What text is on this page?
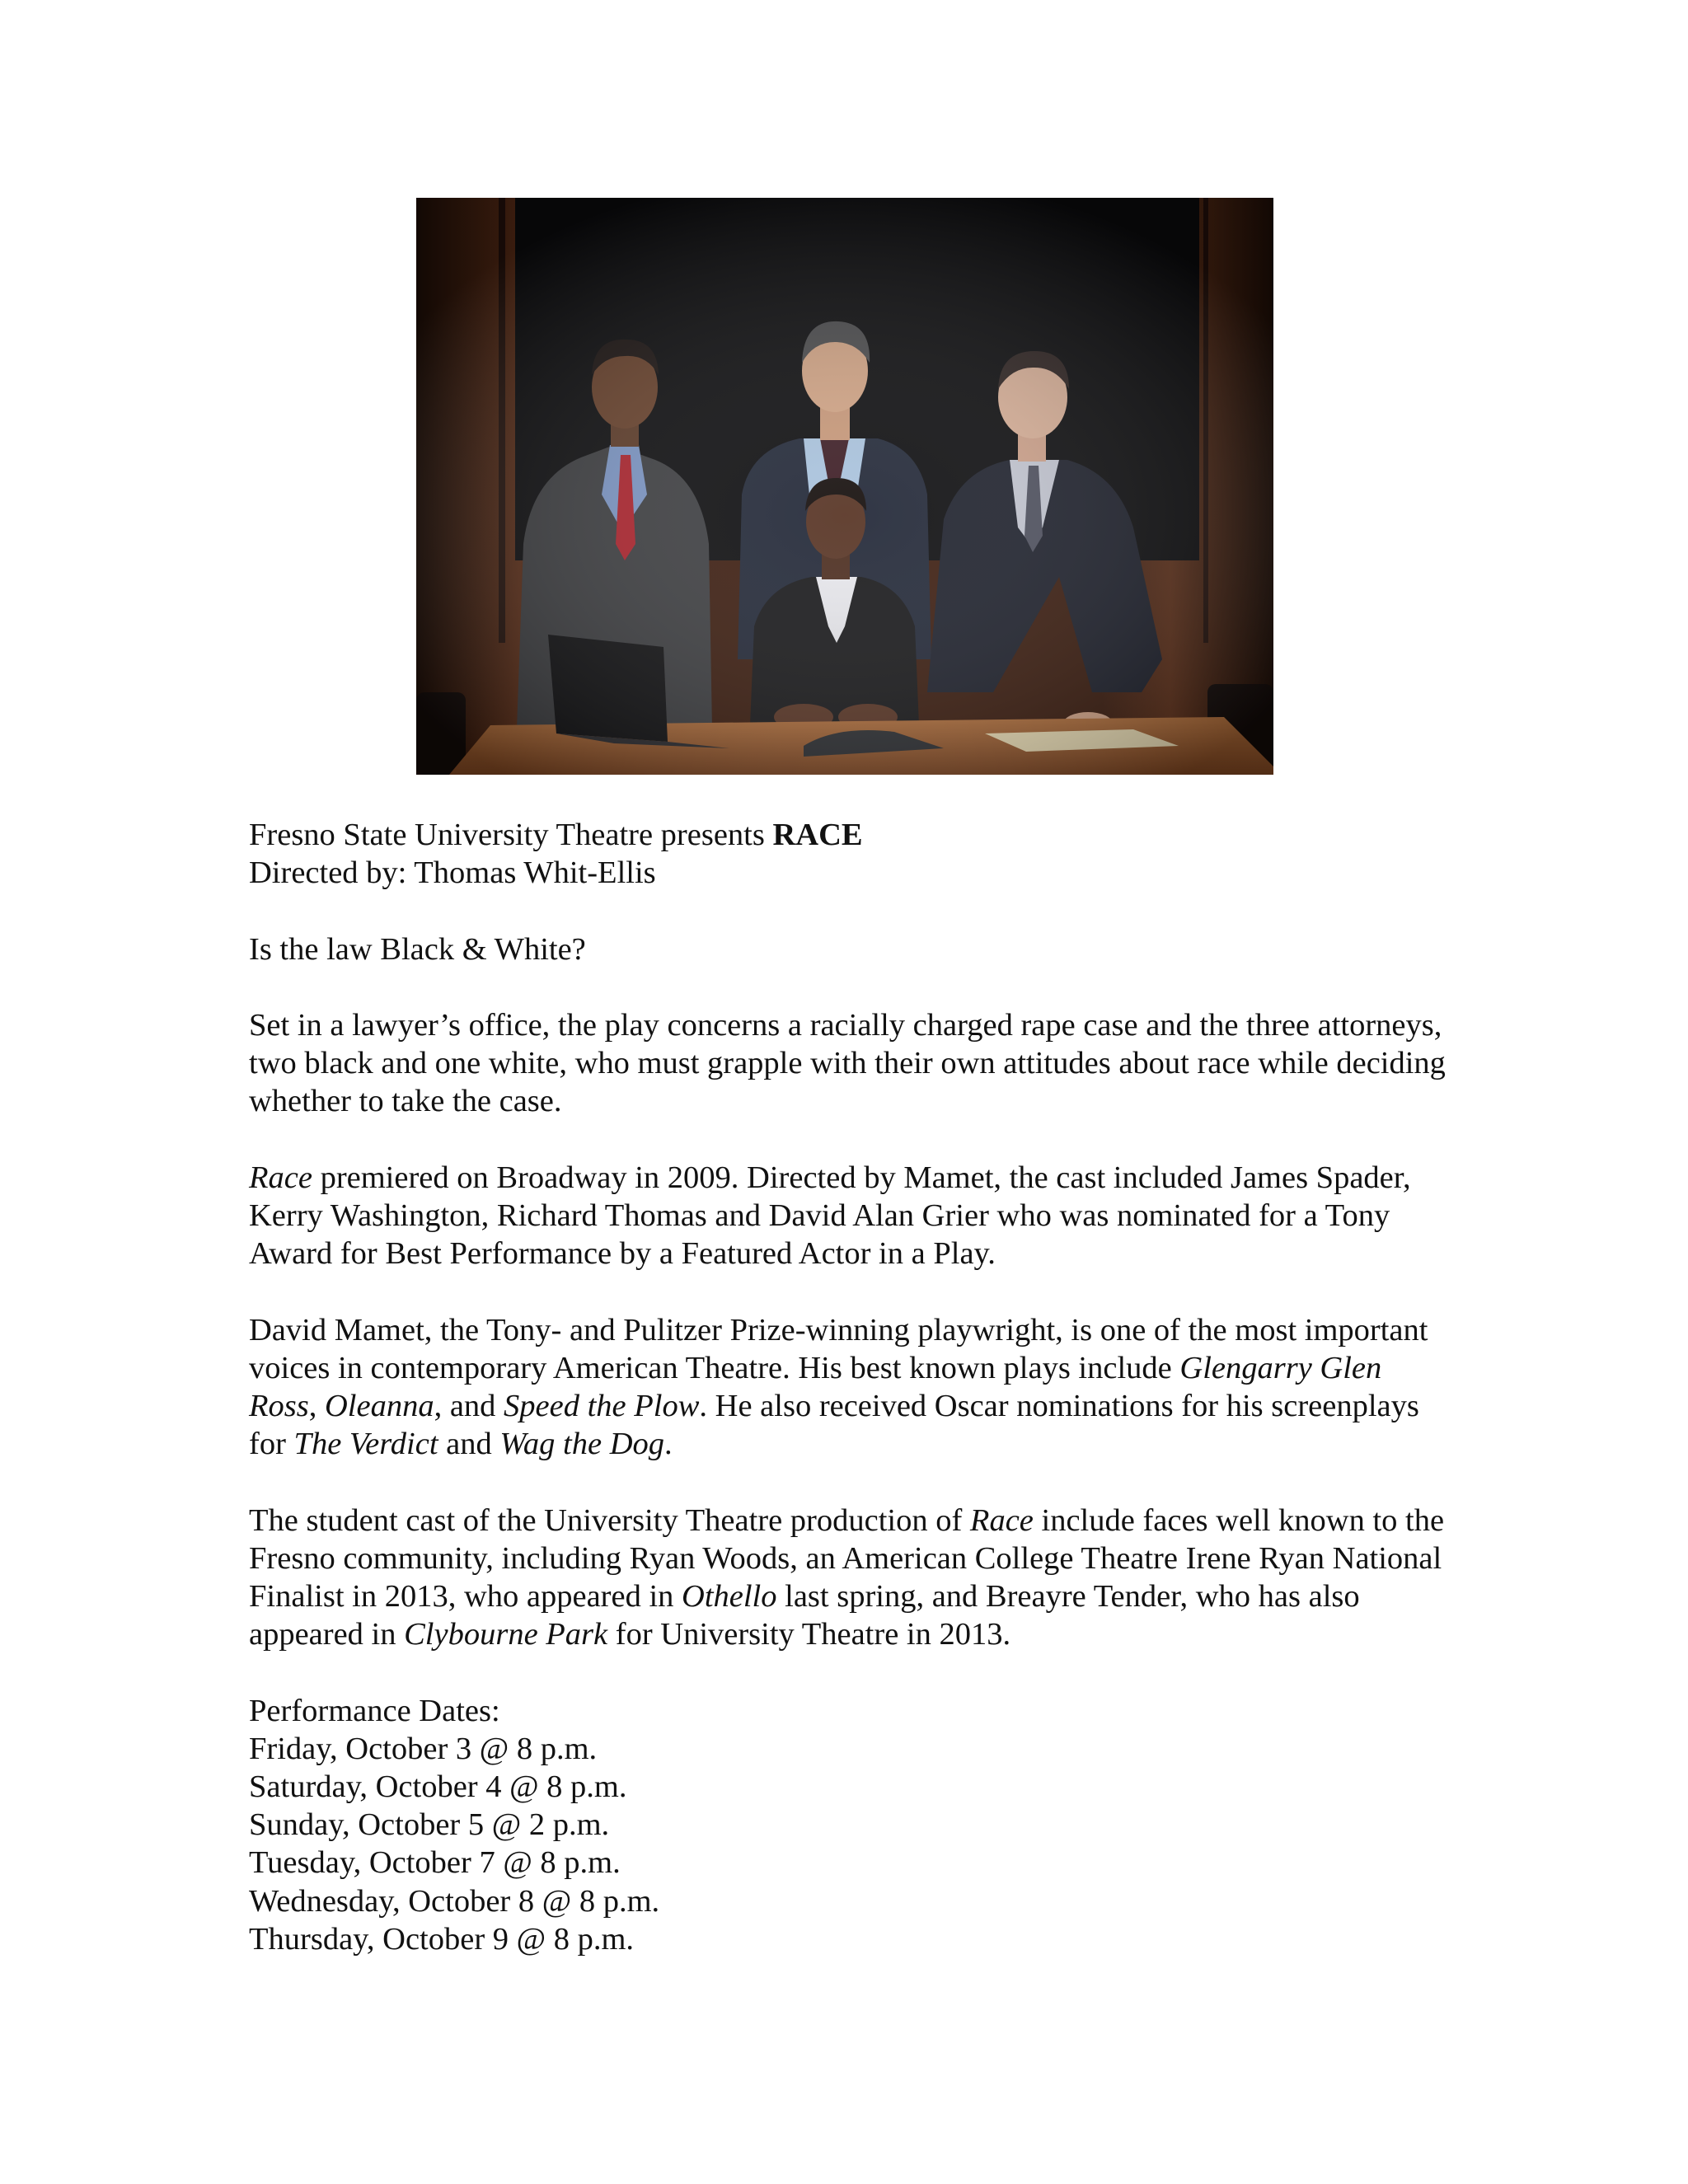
Fresno State University Theatre presents RACE
Directed by: Thomas Whit-Ellis

Is the law Black & White?

Set in a lawyer’s office, the play concerns a racially charged rape case and the three attorneys, two black and one white, who must grapple with their own attitudes about race while deciding whether to take the case.

Race premiered on Broadway in 2009. Directed by Mamet, the cast included James Spader, Kerry Washington, Richard Thomas and David Alan Grier who was nominated for a Tony Award for Best Performance by a Featured Actor in a Play.

David Mamet, the Tony- and Pulitzer Prize-winning playwright, is one of the most important voices in contemporary American Theatre. His best known plays include Glengarry Glen Ross, Oleanna, and Speed the Plow. He also received Oscar nominations for his screenplays for The Verdict and Wag the Dog.

The student cast of the University Theatre production of Race include faces well known to the Fresno community, including Ryan Woods, an American College Theatre Irene Ryan National Finalist in 2013, who appeared in Othello last spring, and Breayre Tender, who has also appeared in Clybourne Park for University Theatre in 2013.

Performance Dates:
Friday, October 3 @ 8 p.m.
Saturday, October 4 @ 8 p.m.
Sunday, October 5 @ 2 p.m.
Tuesday, October 7 @ 8 p.m.
Wednesday, October 8 @ 8 p.m.
Thursday, October 9 @ 8 p.m.
